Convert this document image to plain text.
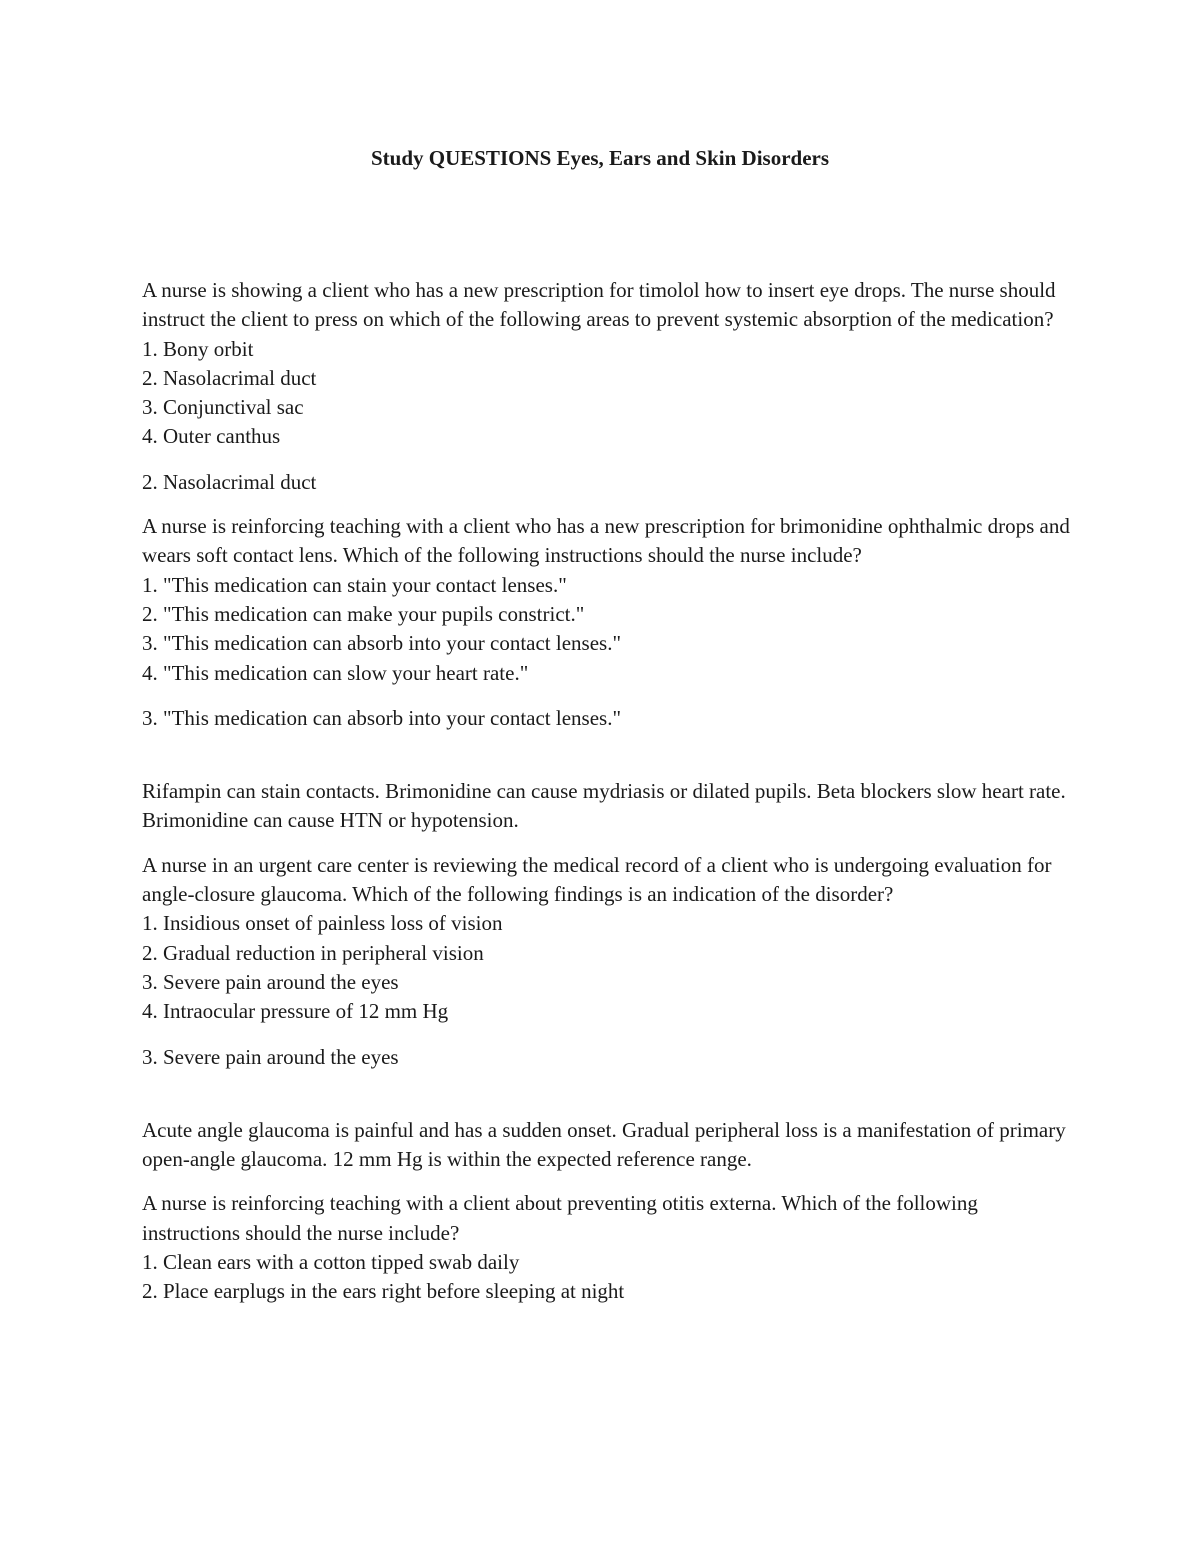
Study QUESTIONS Eyes, Ears and Skin Disorders

A nurse is showing a client who has a new prescription for timolol how to insert eye drops. The nurse should instruct the client to press on which of the following areas to prevent systemic absorption of the medication?

1. Bony orbit
2. Nasolacrimal duct
3. Conjunctival sac
4. Outer canthus

2. Nasolacrimal duct

A nurse is reinforcing teaching with a client who has a new prescription for brimonidine ophthalmic drops and wears soft contact lens. Which of the following instructions should the nurse include?

1. "This medication can stain your contact lenses."
2. "This medication can make your pupils constrict."
3. "This medication can absorb into your contact lenses."
4. "This medication can slow your heart rate."

3. "This medication can absorb into your contact lenses."

Rifampin can stain contacts. Brimonidine can cause mydriasis or dilated pupils. Beta blockers slow heart rate. Brimonidine can cause HTN or hypotension.

A nurse in an urgent care center is reviewing the medical record of a client who is undergoing evaluation for angle-closure glaucoma. Which of the following findings is an indication of the disorder?

1. Insidious onset of painless loss of vision
2. Gradual reduction in peripheral vision
3. Severe pain around the eyes
4. Intraocular pressure of 12 mm Hg

3. Severe pain around the eyes

Acute angle glaucoma is painful and has a sudden onset. Gradual peripheral loss is a manifestation of primary open-angle glaucoma. 12 mm Hg is within the expected reference range.

A nurse is reinforcing teaching with a client about preventing otitis externa. Which of the following instructions should the nurse include?

1. Clean ears with a cotton tipped swab daily
2. Place earplugs in the ears right before sleeping at night
